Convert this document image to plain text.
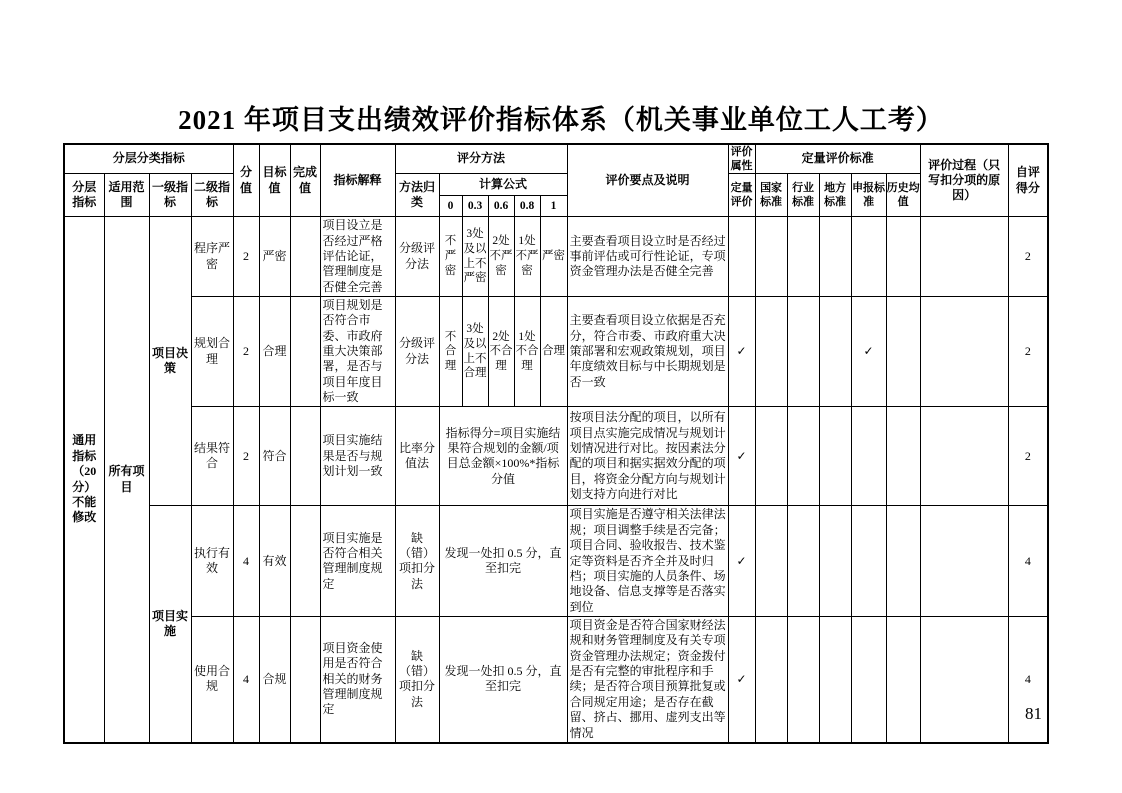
2021 年项目支出绩效评价指标体系（机关事业单位工人工考）
分层分类指标				分值	目标值	完成值	指标解释	评分方法						评价要点及说明	评价属性	定量评价标准					评价过程（只写扣分项的原因）	自评得分
分层指标	适用范围	一级指标	二级指标					方法归类	计算公式						定量评价	国家标准	行业标准	地方标准	申报标准	历史均值		
									0	0.3	0.6	0.8	1									
通用指标（20分）不能修改	所有项目	项目决策	程序严密	2	严密		项目设立是否经过严格评估论证，管理制度是否健全完善	分级评分法	不严密	3处及以上不严密	2处不严密	1处不严密	严密	主要查看项目设立时是否经过事前评估或可行性论证，专项资金管理办法是否健全完善								2
			规划合理	2	合理		项目规划是否符合市委、市政府重大决策部署，是否与项目年度目标一致	分级评分法	不合理	3处及以上不合理	2处不合理	1处不合理	合理	主要查看项目设立依据是否充分，符合市委、市政府重大决策部署和宏观政策规划，项目年度绩效目标与中长期规划是否一致	✓				✓			2
			结果符合	2	符合		项目实施结果是否与规划计划一致	比率分值法	指标得分=项目实施结果符合规划的金额/项目总金额×100%*指标分值					按项目法分配的项目，以所有项目点实施完成情况与规划计划情况进行对比。按因素法分配的项目和据实据效分配的项目，将资金分配方向与规划计划支持方向进行对比	✓							2
		项目实施	执行有效	4	有效		项目实施是否符合相关管理制度规定	缺（错）项扣分法	发现一处扣 0.5 分，直至扣完					项目实施是否遵守相关法律法规；项目调整手续是否完备；项目合同、验收报告、技术鉴定等资料是否齐全并及时归档；项目实施的人员条件、场地设备、信息支撑等是否落实到位	✓							4
			使用合规	4	合规		项目资金使用是否符合相关的财务管理制度规定	缺（错）项扣分法	发现一处扣 0.5 分，直至扣完					项目资金是否符合国家财经法规和财务管理制度及有关专项资金管理办法规定；资金拨付是否有完整的审批程序和手续；是否符合项目预算批复或合同规定用途；是否存在截留、挤占、挪用、虚列支出等情况	✓							4
81
